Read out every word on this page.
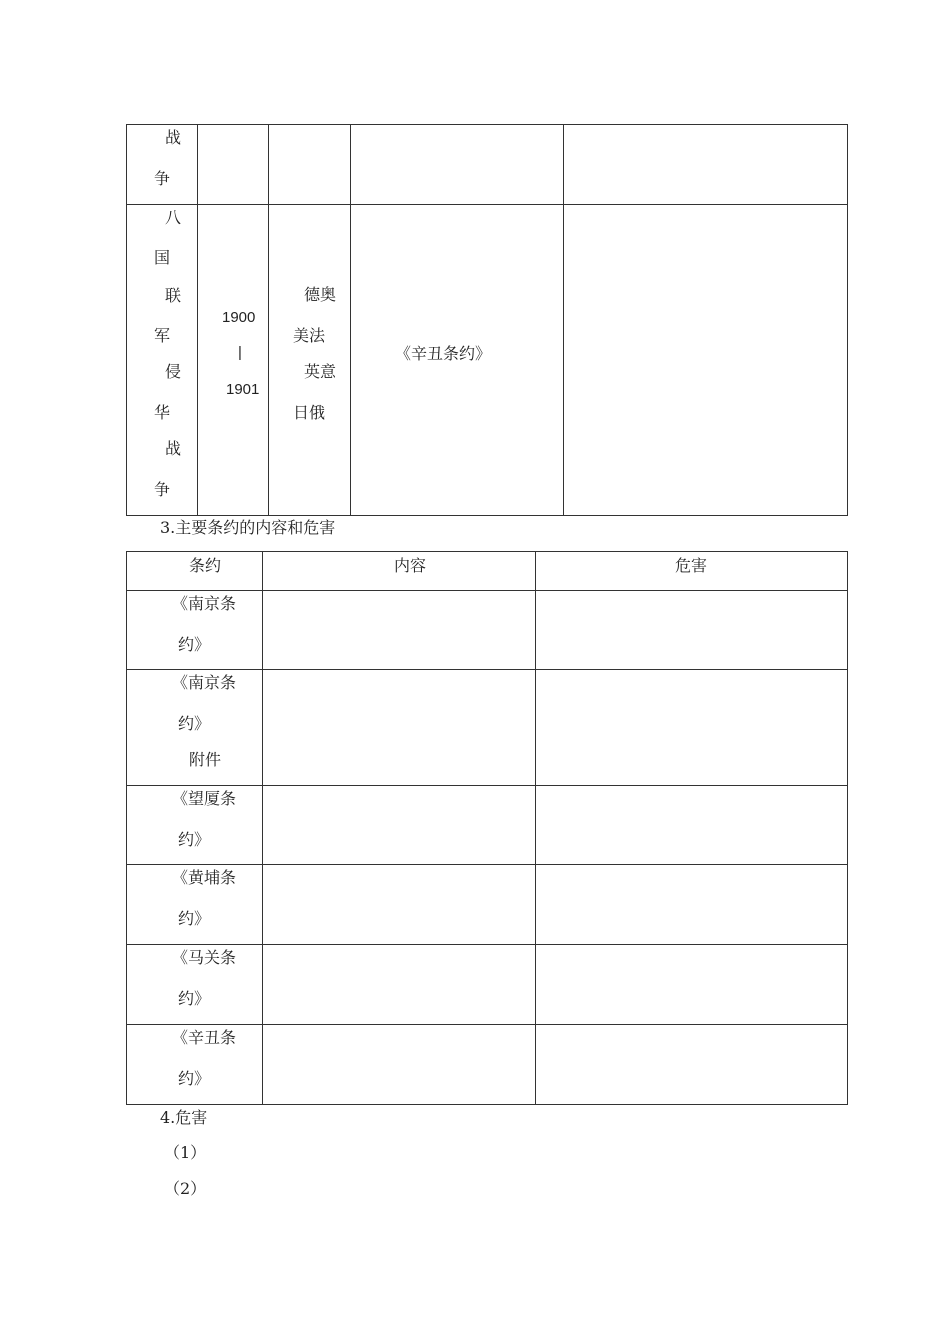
战
争
八
国
联
军
侵
华
战
争
1900
|
1901
德奥
美法
英意
日俄
《辛丑条约》
3.主要条约的内容和危害
条约	内容	危害
《南京条
约》
《南京条
约》
附件
《望厦条
约》
《黄埔条
约》
《马关条
约》
《辛丑条
约》
4.危害
（1）
（2）
